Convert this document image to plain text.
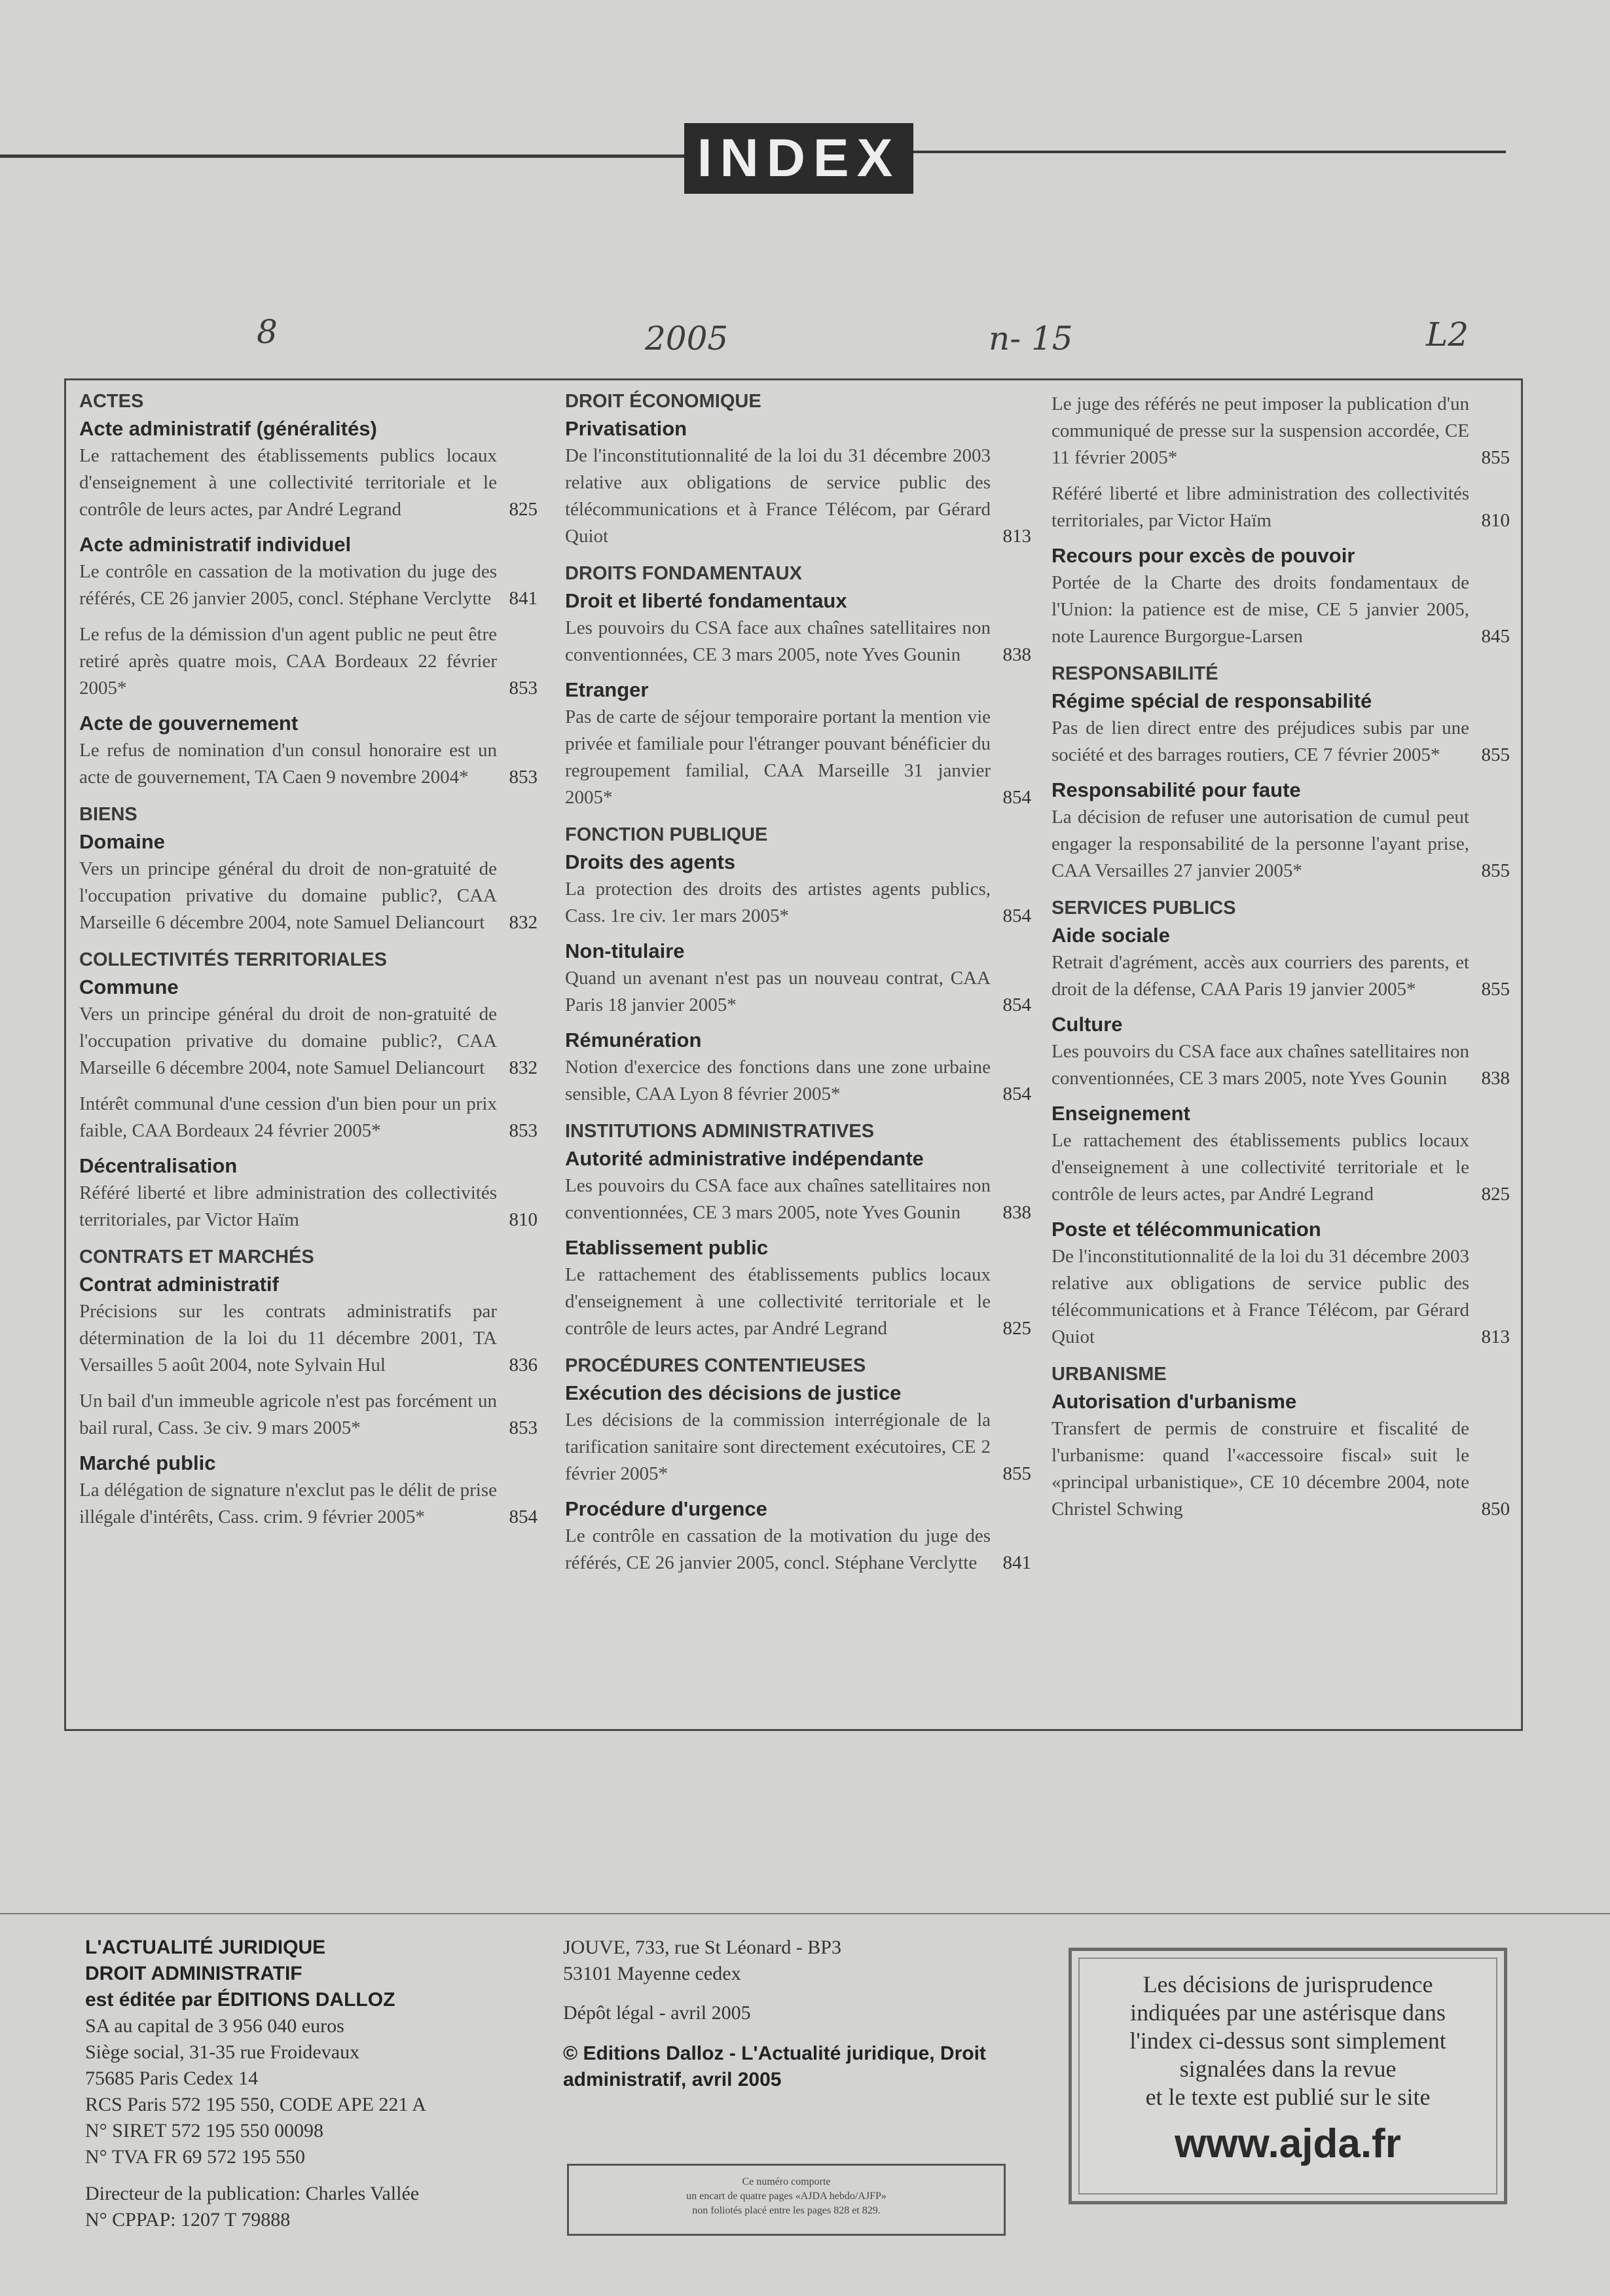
INDEX
8	2005	n- 15	L2
ACTES
Acte administratif (généralités)
Le rattachement des établissements publics locaux d'enseignement à une collectivité territoriale et le contrôle de leurs actes, par André Legrand	825
Acte administratif individuel
Le contrôle en cassation de la motivation du juge des référés, CE 26 janvier 2005, concl. Stéphane Verclytte 841
Le refus de la démission d'un agent public ne peut être retiré après quatre mois, CAA Bordeaux 22 février 2005*	853
Acte de gouvernement
Le refus de nomination d'un consul honoraire est un acte de gouvernement, TA Caen 9 novembre 2004*	853
BIENS
Domaine
Vers un principe général du droit de non-gratuité de l'occupation privative du domaine public?, CAA Marseille 6 décembre 2004, note Samuel Deliancourt	832
COLLECTIVITÉS TERRITORIALES
Commune
Vers un principe général du droit de non-gratuité de l'occupation privative du domaine public?, CAA Marseille 6 décembre 2004, note Samuel Deliancourt	832
Intérêt communal d'une cession d'un bien pour un prix faible, CAA Bordeaux 24 février 2005*	853
Décentralisation
Référé liberté et libre administration des collectivités territoriales, par Victor Haïm	810
CONTRATS ET MARCHÉS
Contrat administratif
Précisions sur les contrats administratifs par détermination de la loi du 11 décembre 2001, TA Versailles 5 août 2004, note Sylvain Hul	836
Un bail d'un immeuble agricole n'est pas forcément un bail rural, Cass. 3e civ. 9 mars 2005*	853
Marché public
La délégation de signature n'exclut pas le délit de prise illégale d'intérêts, Cass. crim. 9 février 2005*	854
DROIT ÉCONOMIQUE
Privatisation
De l'inconstitutionnalité de la loi du 31 décembre 2003 relative aux obligations de service public des télécommunications et à France Télécom, par Gérard Quiot	813
DROITS FONDAMENTAUX
Droit et liberté fondamentaux
Les pouvoirs du CSA face aux chaînes satellitaires non conventionnées, CE 3 mars 2005, note Yves Gounin	838
Etranger
Pas de carte de séjour temporaire portant la mention vie privée et familiale pour l'étranger pouvant bénéficier du regroupement familial, CAA Marseille 31 janvier 2005*	854
FONCTION PUBLIQUE
Droits des agents
La protection des droits des artistes agents publics, Cass. 1re civ. 1er mars 2005*	854
Non-titulaire
Quand un avenant n'est pas un nouveau contrat, CAA Paris 18 janvier 2005*	854
Rémunération
Notion d'exercice des fonctions dans une zone urbaine sensible, CAA Lyon 8 février 2005*	854
INSTITUTIONS ADMINISTRATIVES
Autorité administrative indépendante
Les pouvoirs du CSA face aux chaînes satellitaires non conventionnées, CE 3 mars 2005, note Yves Gounin	838
Etablissement public
Le rattachement des établissements publics locaux d'enseignement à une collectivité territoriale et le contrôle de leurs actes, par André Legrand	825
PROCÉDURES CONTENTIEUSES
Exécution des décisions de justice
Les décisions de la commission interrégionale de la tarification sanitaire sont directement exécutoires, CE 2 février 2005*	855
Procédure d'urgence
Le contrôle en cassation de la motivation du juge des référés, CE 26 janvier 2005, concl. Stéphane Verclytte	841
Le juge des référés ne peut imposer la publication d'un communiqué de presse sur la suspension accordée, CE 11 février 2005*	855
Référé liberté et libre administration des collectivités territoriales, par Victor Haïm	810
Recours pour excès de pouvoir
Portée de la Charte des droits fondamentaux de l'Union: la patience est de mise, CE 5 janvier 2005, note Laurence Burgorgue-Larsen	845
RESPONSABILITÉ
Régime spécial de responsabilité
Pas de lien direct entre des préjudices subis par une société et des barrages routiers, CE 7 février 2005*	855
Responsabilité pour faute
La décision de refuser une autorisation de cumul peut engager la responsabilité de la personne l'ayant prise, CAA Versailles 27 janvier 2005*	855
SERVICES PUBLICS
Aide sociale
Retrait d'agrément, accès aux courriers des parents, et droit de la défense, CAA Paris 19 janvier 2005*	855
Culture
Les pouvoirs du CSA face aux chaînes satellitaires non conventionnées, CE 3 mars 2005, note Yves Gounin	838
Enseignement
Le rattachement des établissements publics locaux d'enseignement à une collectivité territoriale et le contrôle de leurs actes, par André Legrand	825
Poste et télécommunication
De l'inconstitutionnalité de la loi du 31 décembre 2003 relative aux obligations de service public des télécommunications et à France Télécom, par Gérard Quiot	813
URBANISME
Autorisation d'urbanisme
Transfert de permis de construire et fiscalité de l'urbanisme: quand l'«accessoire fiscal» suit le «principal urbanistique», CE 10 décembre 2004, note Christel Schwing	850
L'ACTUALITÉ JURIDIQUE
DROIT ADMINISTRATIF
est éditée par ÉDITIONS DALLOZ
SA au capital de 3 956 040 euros
Siège social, 31-35 rue Froidevaux
75685 Paris Cedex 14
RCS Paris 572 195 550, CODE APE 221 A
N° SIRET 572 195 550 00098
N° TVA FR 69 572 195 550
Directeur de la publication: Charles Vallée
N° CPPAP: 1207 T 79888
JOUVE, 733, rue St Léonard - BP3
53101 Mayenne cedex
Dépôt légal - avril 2005
© Editions Dalloz - L'Actualité juridique, Droit administratif, avril 2005
Ce numéro comporte
un encart de quatre pages «AJDA hebdo/AJFP»
non foliotés placé entre les pages 828 et 829.
Les décisions de jurisprudence
indiquées par une astérisque dans
l'index ci-dessus sont simplement
signalées dans la revue
et le texte est publié sur le site
www.ajda.fr
